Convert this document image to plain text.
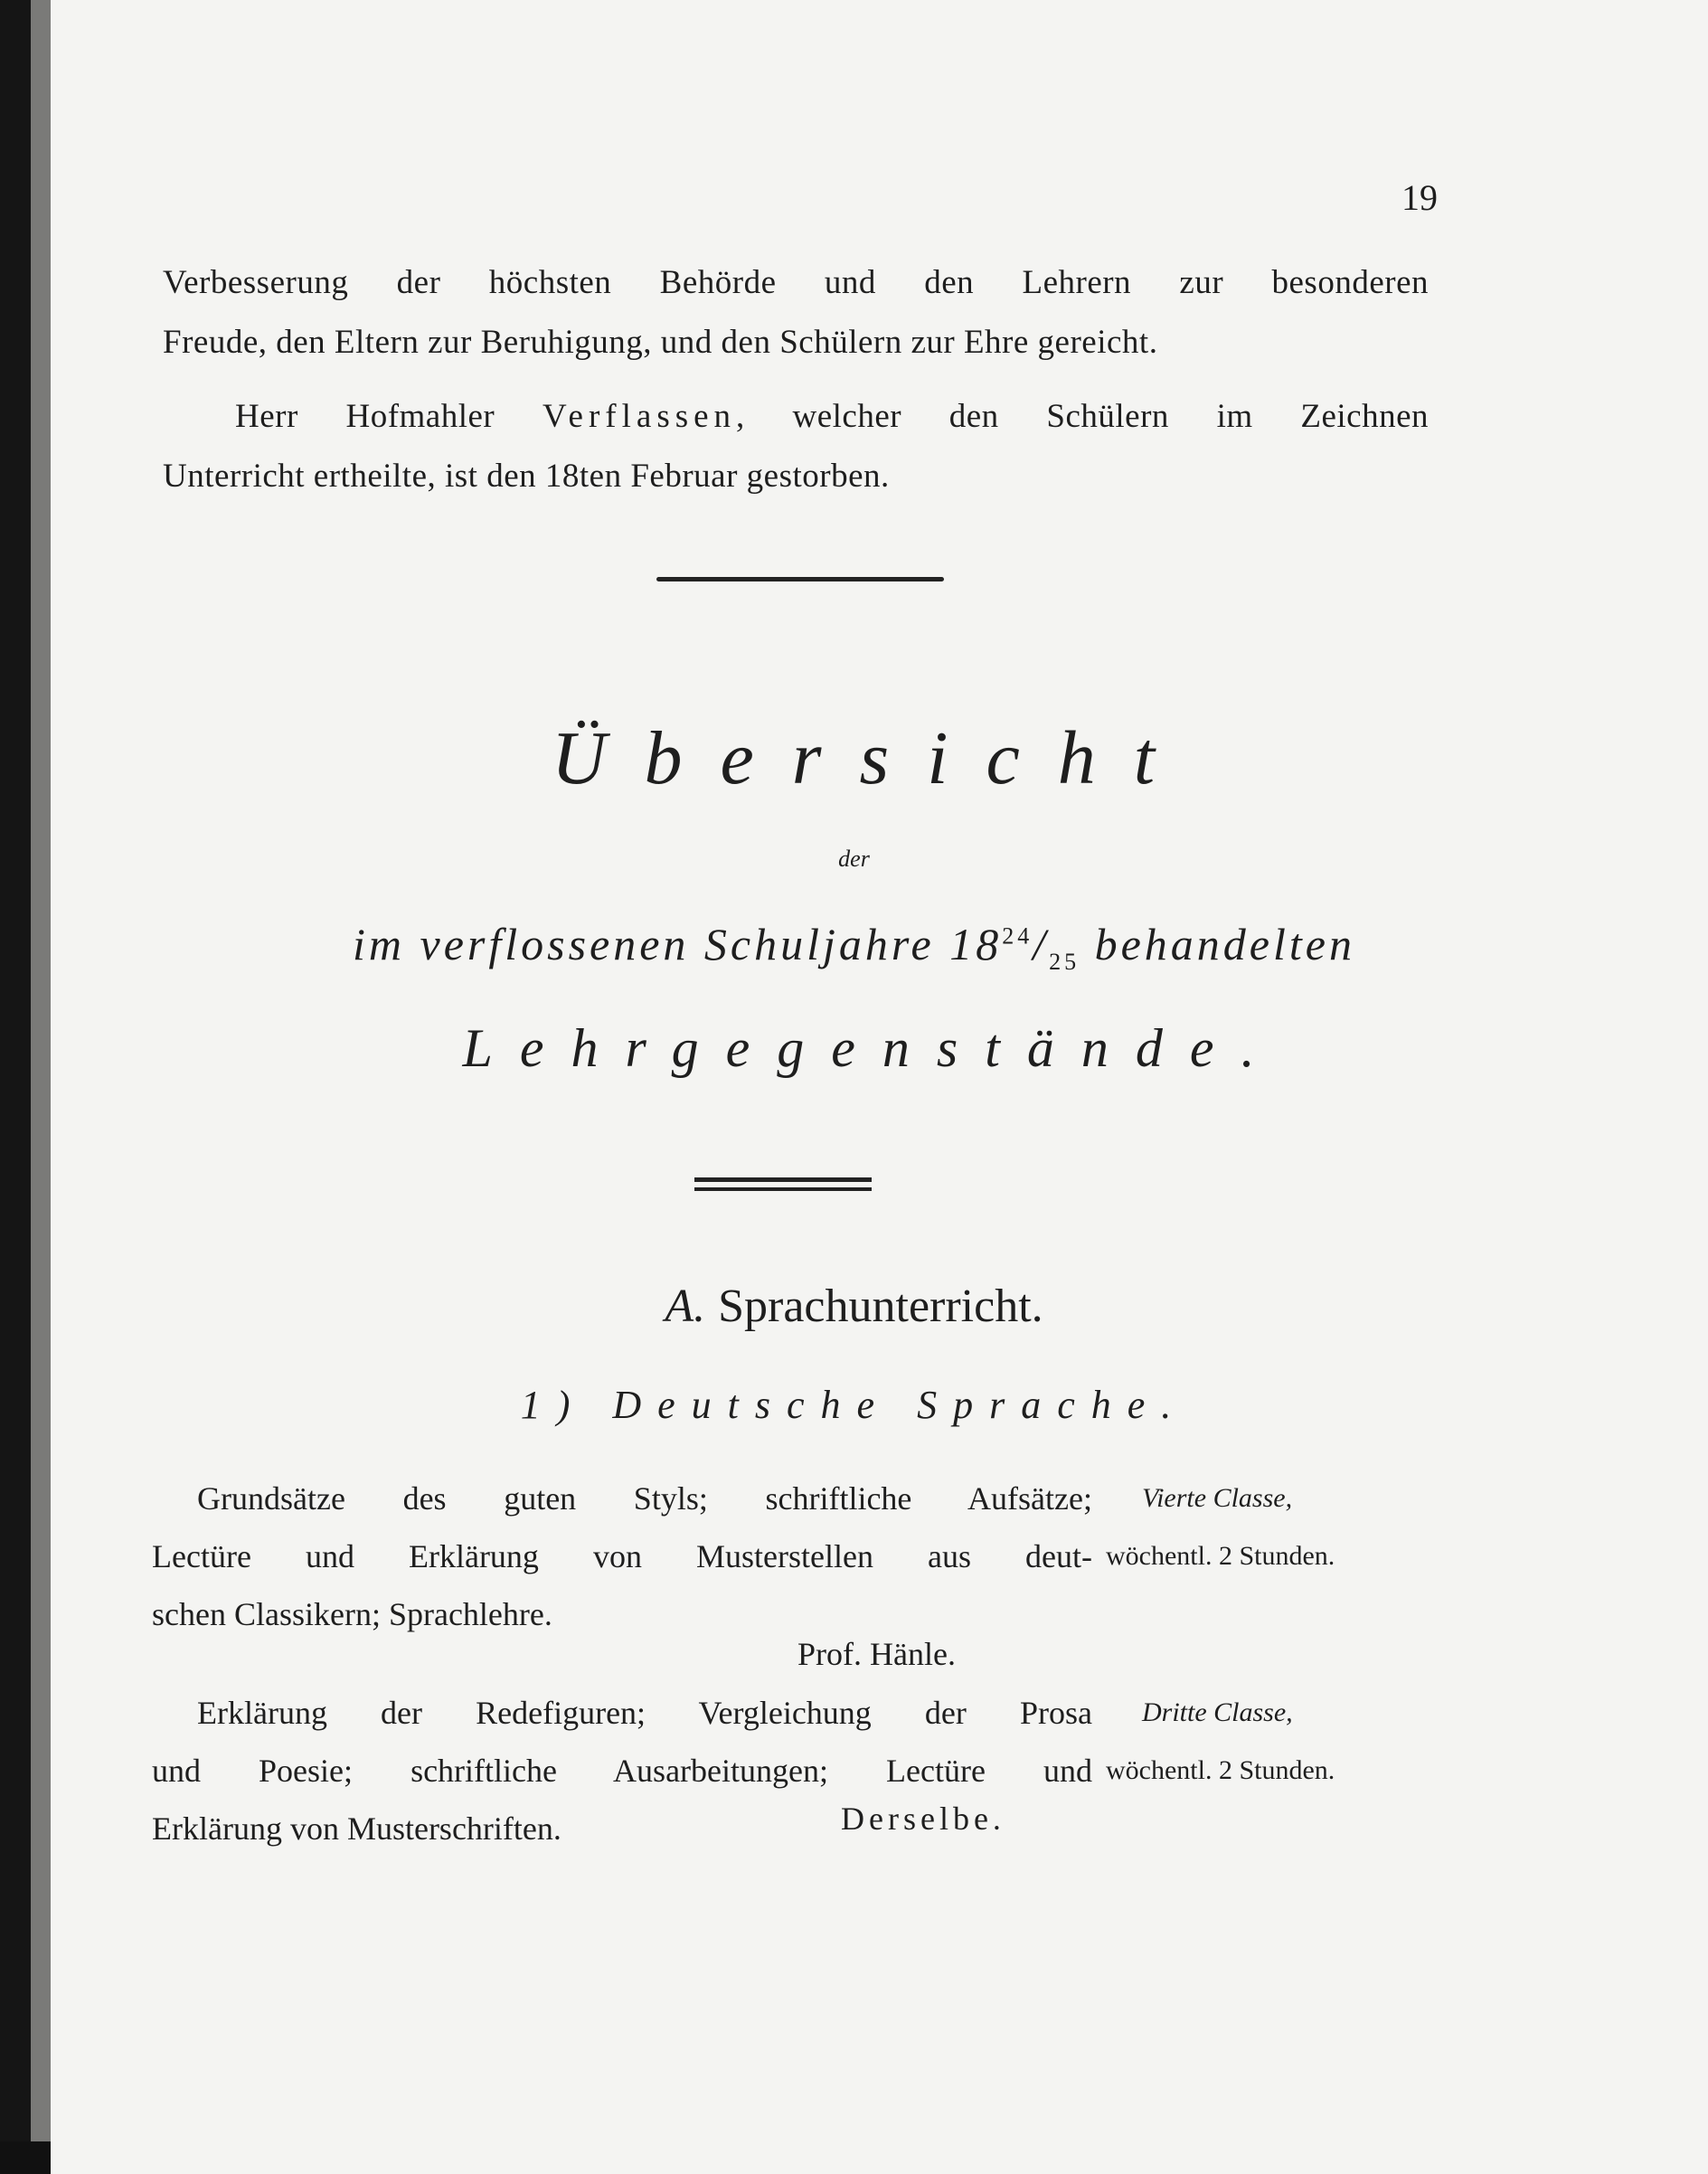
19
Verbesserung der höchsten Behörde und den Lehrern zur besonderen
Freude, den Eltern zur Beruhigung, und den Schülern zur Ehre gereicht.
Herr Hofmahler Verflassen, welcher den Schülern im Zeichnen
Unterricht ertheilte, ist den 18ten Februar gestorben.
Übersicht
der
im verflossenen Schuljahre $18^{24}/_{25}$ behandelten
Lehrgegenstände.
A. Sprachunterricht.
1) Deutsche Sprache.
Grundsätze des guten Styls; schriftliche Aufsätze;
Lectüre und Erklärung von Musterstellen aus deut-
schen Classikern; Sprachlehre.
Vierte Classe,
wöchentl. 2 Stunden.
Prof. Hänle.
Erklärung der Redefiguren; Vergleichung der Prosa
und Poesie; schriftliche Ausarbeitungen; Lectüre und
Erklärung von Musterschriften.
Dritte Classe,
wöchentl. 2 Stunden.
Derselbe.
